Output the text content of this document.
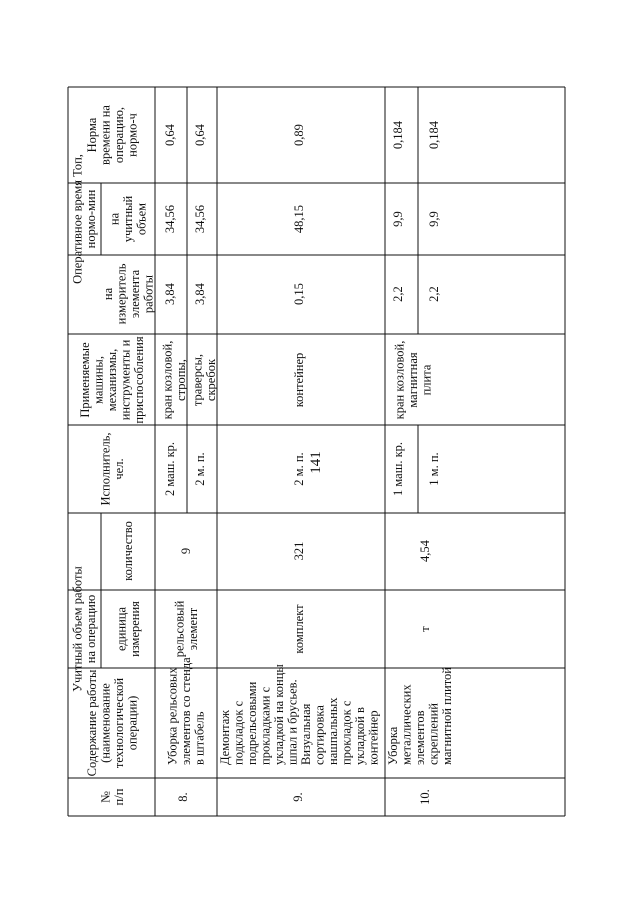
141
№ п/п
Содержание работы (наименование технологической операции)
Учитный объем работы на операцию единица измерения
количество
Исполнитель, чел.
Применяемые машины, механизмы, инструменты и приспособления
Оперативное время Топ, нормо-мин
на измеритель элемента работы
на учитный объем
Норма времени на операцию, нормо-ч
8.
Уборка рельсовых элементов со стенда в штабель
рельсовый элемент
9
2 маш. кр.
кран козловой, стропы,
3,84
34,56
0,64
2 м. п.
траверсы, скребок
3,84
34,56
0,64
9.
Демонтаж подкладок с подрельсовыми прокладками с укладкой на концы шпал и брусьев. Визуальная сортировка нашпальных прокладок с укладкой в контейнер
комплект
321
2 м. п.
контейнер
0,15
48,15
0,89
10.
Уборка металлических элементов скреплений магнитной плитой
т
4,54
1 маш. кр.
2,2
9,9
0,184
1 м. п.
2,2
9,9
0,184
кран козловой, магнитная плита
